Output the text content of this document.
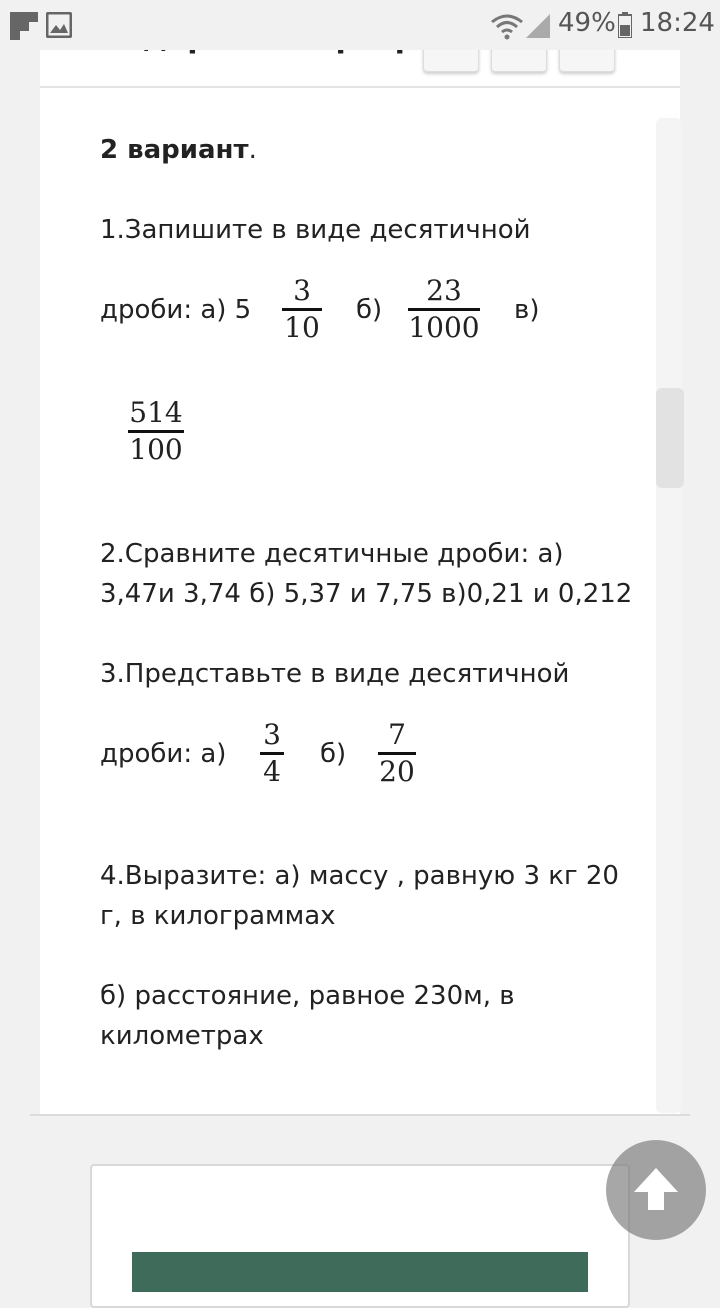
2 вариант.
1.Запишите в виде десятичной
дроби: а) 5
3
10
б)
23
1000
в)
514
100
2.Сравните десятичные дроби: а)
3,47и 3,74 б) 5,37 и 7,75 в)0,21 и 0,212
3.Представьте в виде десятичной
дроби: а)
3
4
б)
7
20
4.Выразите: а) массу , равную 3 кг 20
г, в килограммах
б) расстояние, равное 230м, в
километрах
49% 18:24
